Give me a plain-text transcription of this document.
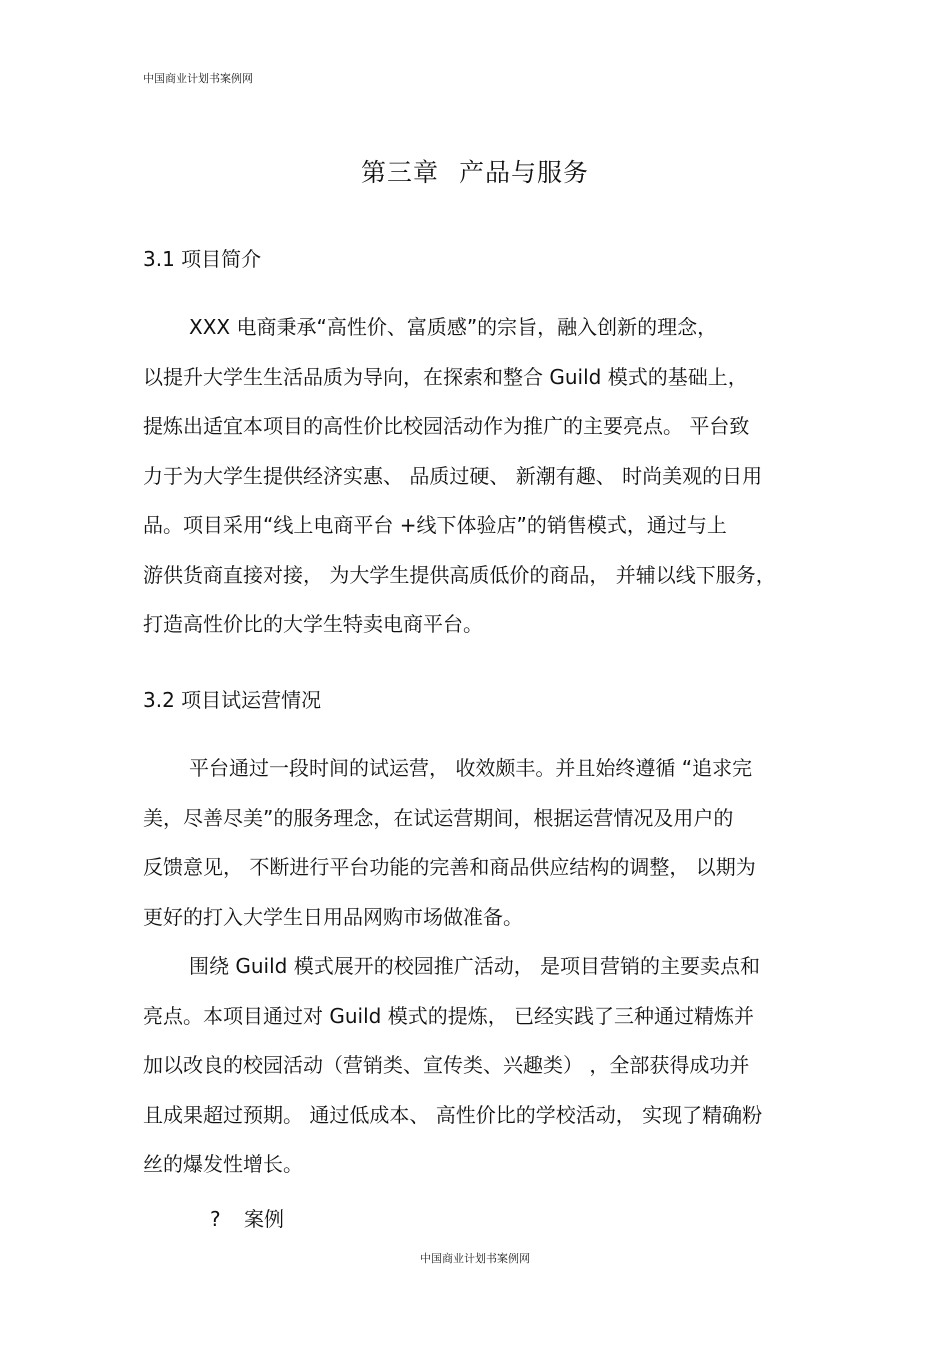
中国商业计划书案例网
第三章 产品与服务
3.1 项目简介
XXX 电商秉承“高性价、富质感”的宗旨，融入创新的理念，
以提升大学生生活品质为导向，在探索和整合 Guild 模式的基础上，
提炼出适宜本项目的高性价比校园活动作为推广的主要亮点。 平台致
力于为大学生提供经济实惠、 品质过硬、 新潮有趣、 时尚美观的日用
品。项目采用“线上电商平台 +线下体验店”的销售模式，通过与上
游供货商直接对接， 为大学生提供高质低价的商品， 并辅以线下服务，
打造高性价比的大学生特卖电商平台。
3.2 项目试运营情况
平台通过一段时间的试运营， 收效颇丰。并且始终遵循 “追求完
美，尽善尽美”的服务理念，在试运营期间，根据运营情况及用户的
反馈意见， 不断进行平台功能的完善和商品供应结构的调整， 以期为
更好的打入大学生日用品网购市场做准备。
围绕 Guild 模式展开的校园推广活动， 是项目营销的主要卖点和
亮点。本项目通过对 Guild 模式的提炼， 已经实践了三种通过精炼并
加以改良的校园活动（营销类、宣传类、兴趣类） ，全部获得成功并
且成果超过预期。 通过低成本、 高性价比的学校活动， 实现了精确粉
丝的爆发性增长。
? 案例
中国商业计划书案例网
